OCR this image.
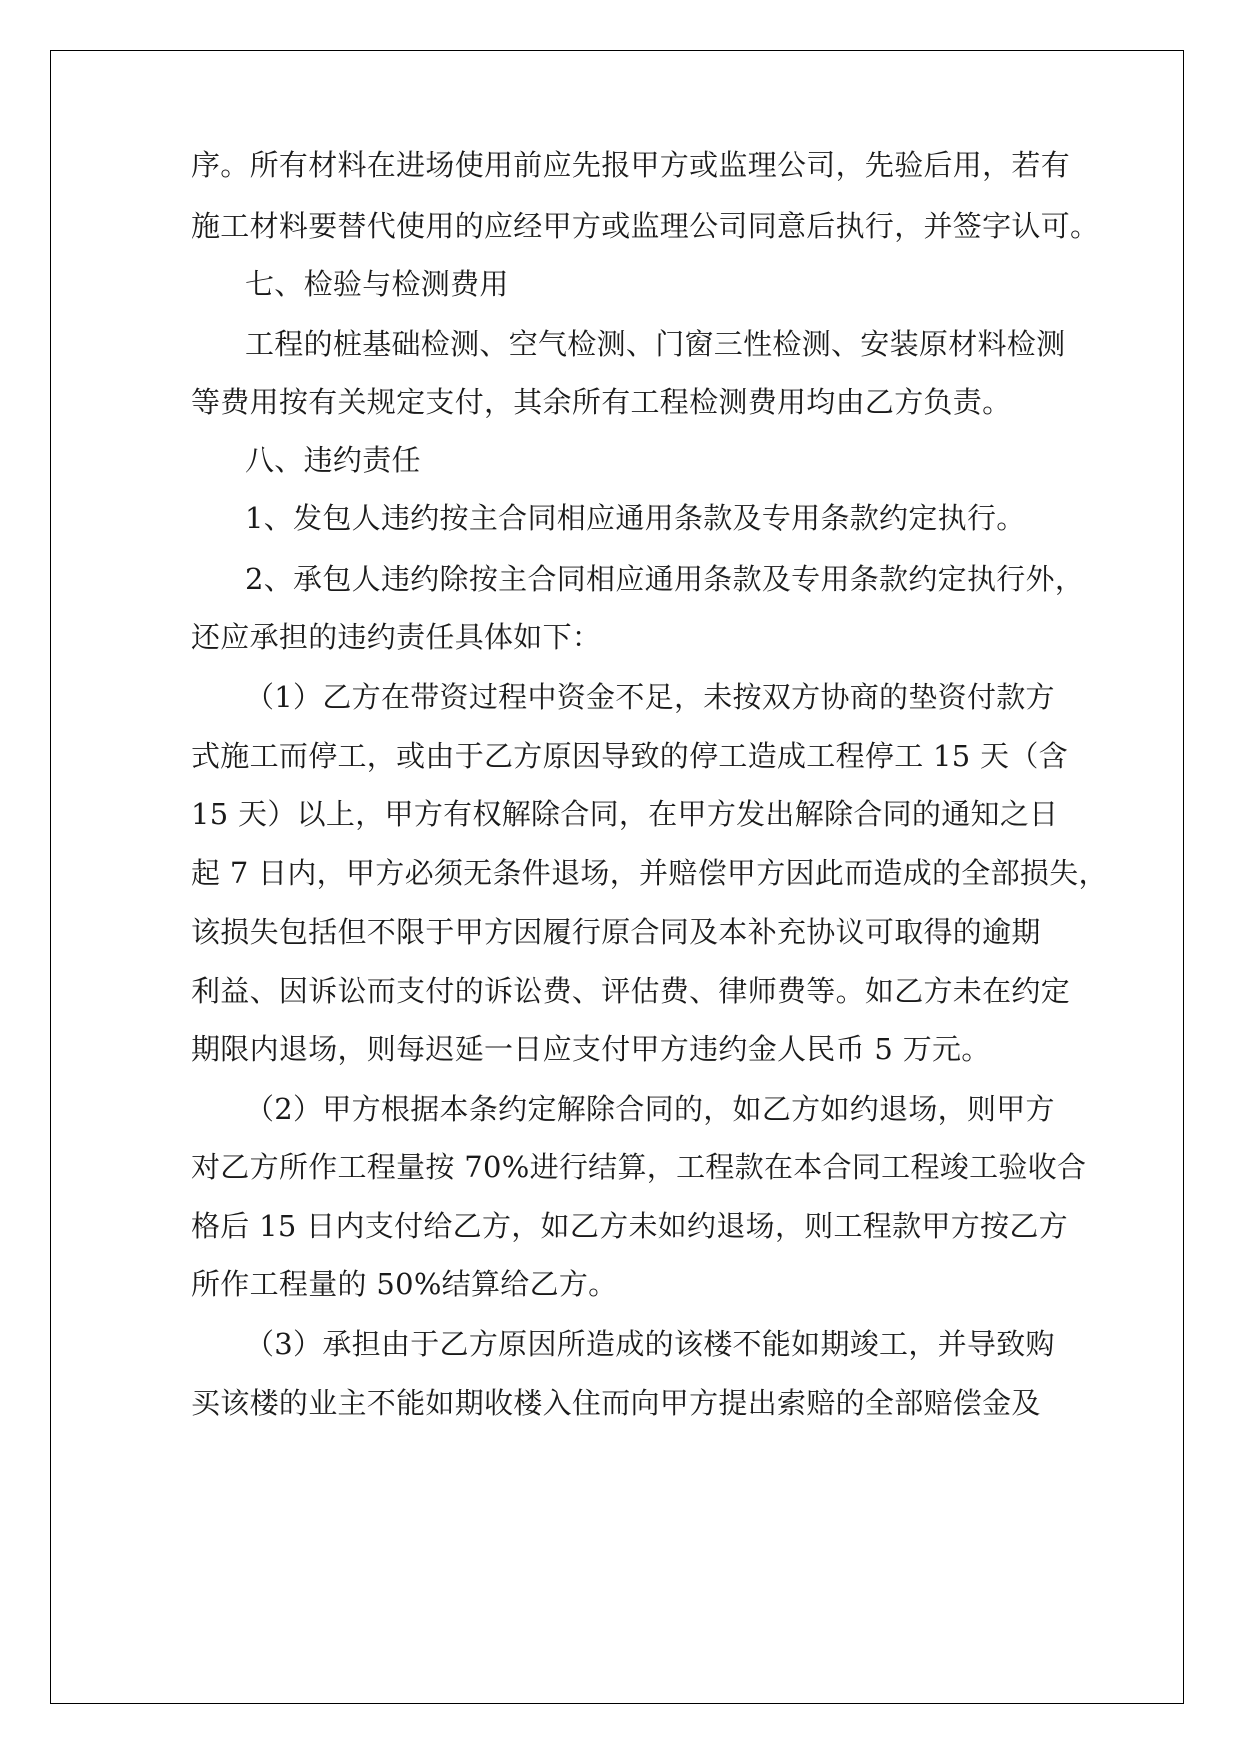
序。所有材料在进场使用前应先报甲方或监理公司，先验后用，若有
施工材料要替代使用的应经甲方或监理公司同意后执行，并签字认可。
七、检验与检测费用
工程的桩基础检测、空气检测、门窗三性检测、安装原材料检测
等费用按有关规定支付，其余所有工程检测费用均由乙方负责。
八、违约责任
1、发包人违约按主合同相应通用条款及专用条款约定执行。
2、承包人违约除按主合同相应通用条款及专用条款约定执行外，
还应承担的违约责任具体如下：
（1）乙方在带资过程中资金不足，未按双方协商的垫资付款方
式施工而停工，或由于乙方原因导致的停工造成工程停工 15 天（含
15 天）以上，甲方有权解除合同，在甲方发出解除合同的通知之日
起 7 日内，甲方必须无条件退场，并赔偿甲方因此而造成的全部损失，
该损失包括但不限于甲方因履行原合同及本补充协议可取得的逾期
利益、因诉讼而支付的诉讼费、评估费、律师费等。如乙方未在约定
期限内退场，则每迟延一日应支付甲方违约金人民币 5 万元。
（2）甲方根据本条约定解除合同的，如乙方如约退场，则甲方
对乙方所作工程量按 70%进行结算，工程款在本合同工程竣工验收合
格后 15 日内支付给乙方，如乙方未如约退场，则工程款甲方按乙方
所作工程量的 50%结算给乙方。
（3）承担由于乙方原因所造成的该楼不能如期竣工，并导致购
买该楼的业主不能如期收楼入住而向甲方提出索赔的全部赔偿金及
